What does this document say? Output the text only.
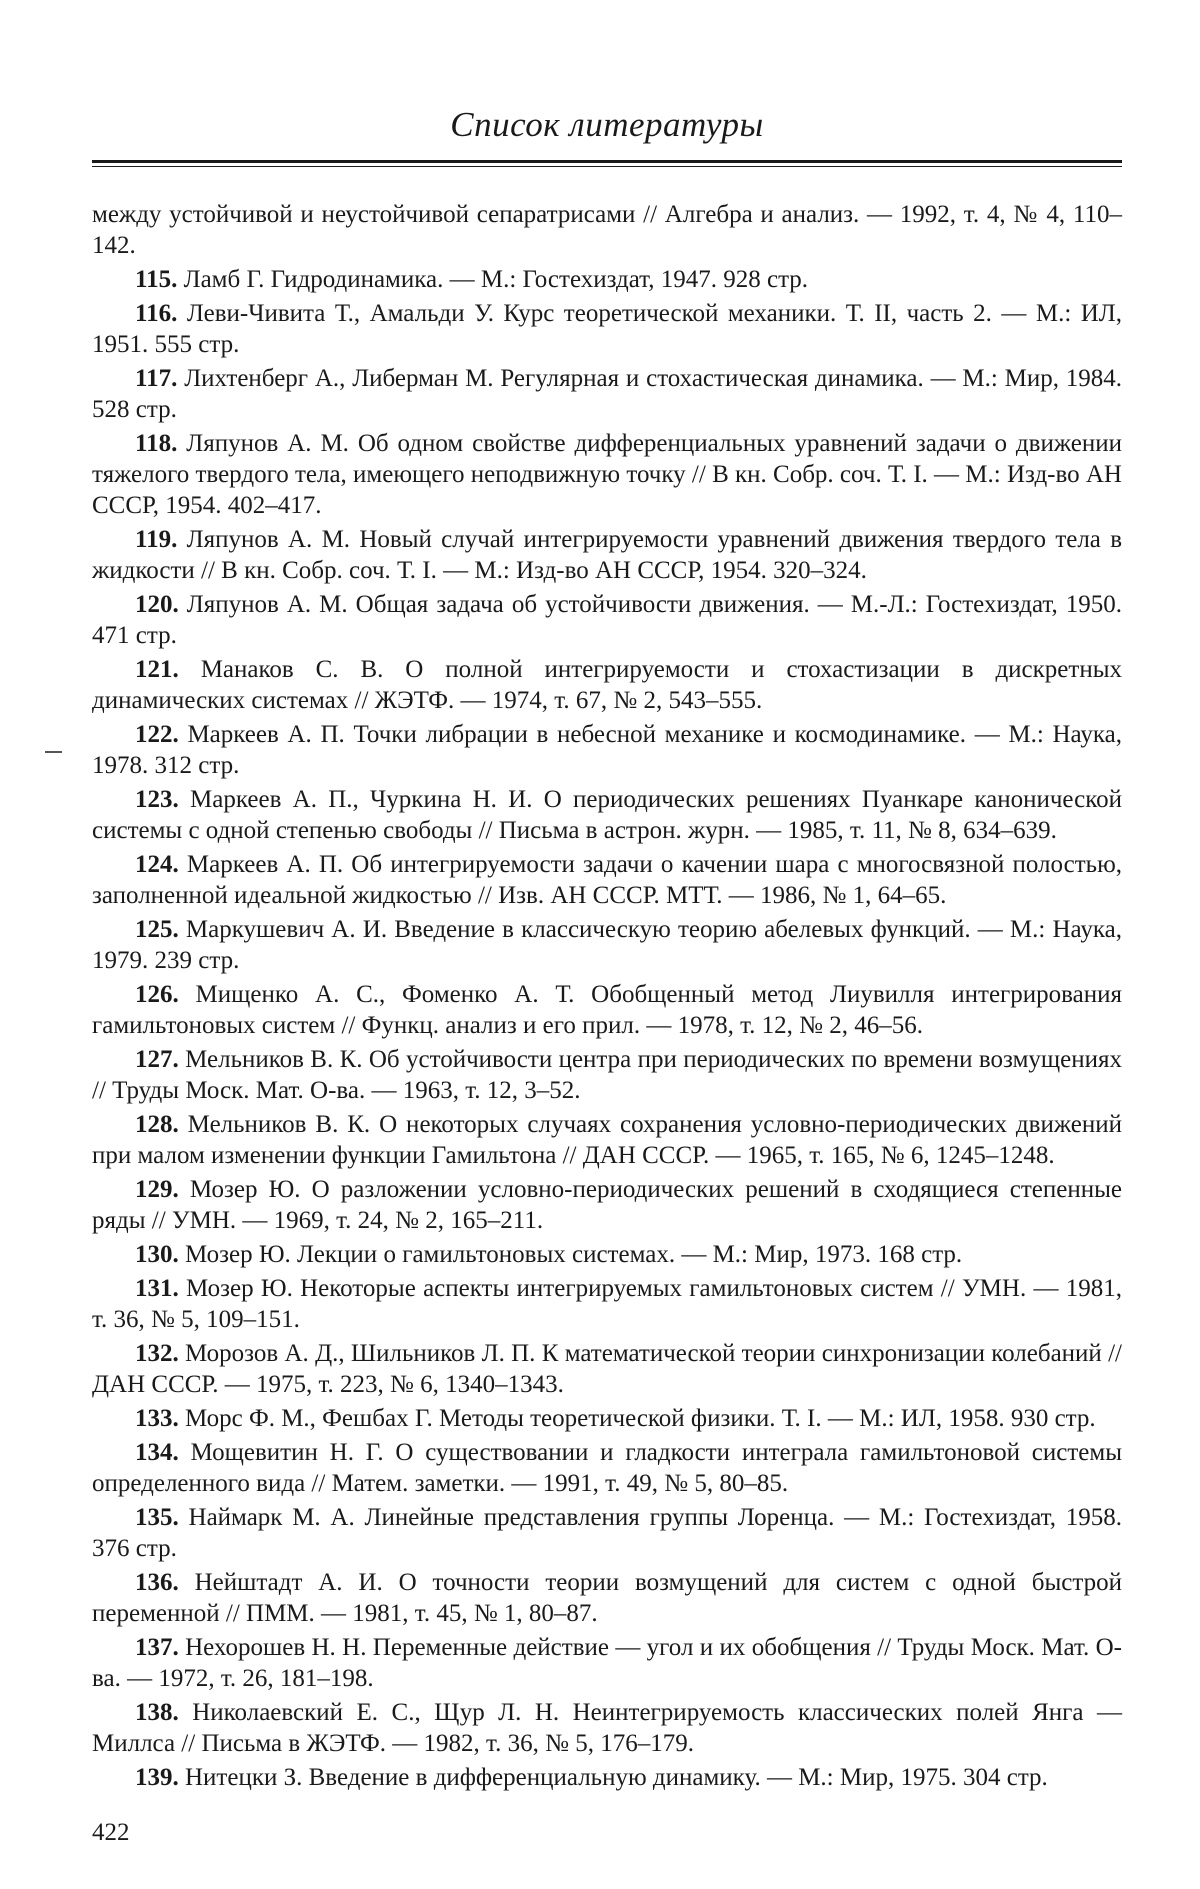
Список литературы

между устойчивой и неустойчивой сепаратрисами // Алгебра и анализ. — 1992, т. 4, № 4, 110–142.

115. Ламб Г. Гидродинамика. — М.: Гостехиздат, 1947. 928 стр.

116. Леви-Чивита Т., Амальди У. Курс теоретической механики. Т. II, часть 2. — М.: ИЛ, 1951. 555 стр.

117. Лихтенберг А., Либерман М. Регулярная и стохастическая динамика. — М.: Мир, 1984. 528 стр.

118. Ляпунов А. М. Об одном свойстве дифференциальных уравнений задачи о движении тяжелого твердого тела, имеющего неподвижную точку // В кн. Собр. соч. Т. I. — М.: Изд-во АН СССР, 1954. 402–417.

119. Ляпунов А. М. Новый случай интегрируемости уравнений движения твердого тела в жидкости // В кн. Собр. соч. Т. I. — М.: Изд-во АН СССР, 1954. 320–324.

120. Ляпунов А. М. Общая задача об устойчивости движения. — М.-Л.: Гостехиздат, 1950. 471 стр.

121. Манаков С. В. О полной интегрируемости и стохастизации в дискретных динамических системах // ЖЭТФ. — 1974, т. 67, № 2, 543–555.

122. Маркеев А. П. Точки либрации в небесной механике и космодинамике. — М.: Наука, 1978. 312 стр.

123. Маркеев А. П., Чуркина Н. И. О периодических решениях Пуанкаре канонической системы с одной степенью свободы // Письма в астрон. журн. — 1985, т. 11, № 8, 634–639.

124. Маркеев А. П. Об интегрируемости задачи о качении шара с многосвязной полостью, заполненной идеальной жидкостью // Изв. АН СССР. МТТ. — 1986, № 1, 64–65.

125. Маркушевич А. И. Введение в классическую теорию абелевых функций. — М.: Наука, 1979. 239 стр.

126. Мищенко А. С., Фоменко А. Т. Обобщенный метод Лиувилля интегрирования гамильтоновых систем // Функц. анализ и его прил. — 1978, т. 12, № 2, 46–56.

127. Мельников В. К. Об устойчивости центра при периодических по времени возмущениях // Труды Моск. Мат. О-ва. — 1963, т. 12, 3–52.

128. Мельников В. К. О некоторых случаях сохранения условно-периодических движений при малом изменении функции Гамильтона // ДАН СССР. — 1965, т. 165, № 6, 1245–1248.

129. Мозер Ю. О разложении условно-периодических решений в сходящиеся степенные ряды // УМН. — 1969, т. 24, № 2, 165–211.

130. Мозер Ю. Лекции о гамильтоновых системах. — М.: Мир, 1973. 168 стр.

131. Мозер Ю. Некоторые аспекты интегрируемых гамильтоновых систем // УМН. — 1981, т. 36, № 5, 109–151.

132. Морозов А. Д., Шильников Л. П. К математической теории синхронизации колебаний // ДАН СССР. — 1975, т. 223, № 6, 1340–1343.

133. Морс Ф. М., Фешбах Г. Методы теоретической физики. Т. I. — М.: ИЛ, 1958. 930 стр.

134. Мощевитин Н. Г. О существовании и гладкости интеграла гамильтоновой системы определенного вида // Матем. заметки. — 1991, т. 49, № 5, 80–85.

135. Наймарк М. А. Линейные представления группы Лоренца. — М.: Гостехиздат, 1958. 376 стр.

136. Нейштадт А. И. О точности теории возмущений для систем с одной быстрой переменной // ПММ. — 1981, т. 45, № 1, 80–87.

137. Нехорошев Н. Н. Переменные действие — угол и их обобщения // Труды Моск. Мат. О-ва. — 1972, т. 26, 181–198.

138. Николаевский Е. С., Щур Л. Н. Неинтегрируемость классических полей Янга — Миллса // Письма в ЖЭТФ. — 1982, т. 36, № 5, 176–179.

139. Нитецки З. Введение в дифференциальную динамику. — М.: Мир, 1975. 304 стр.

422
